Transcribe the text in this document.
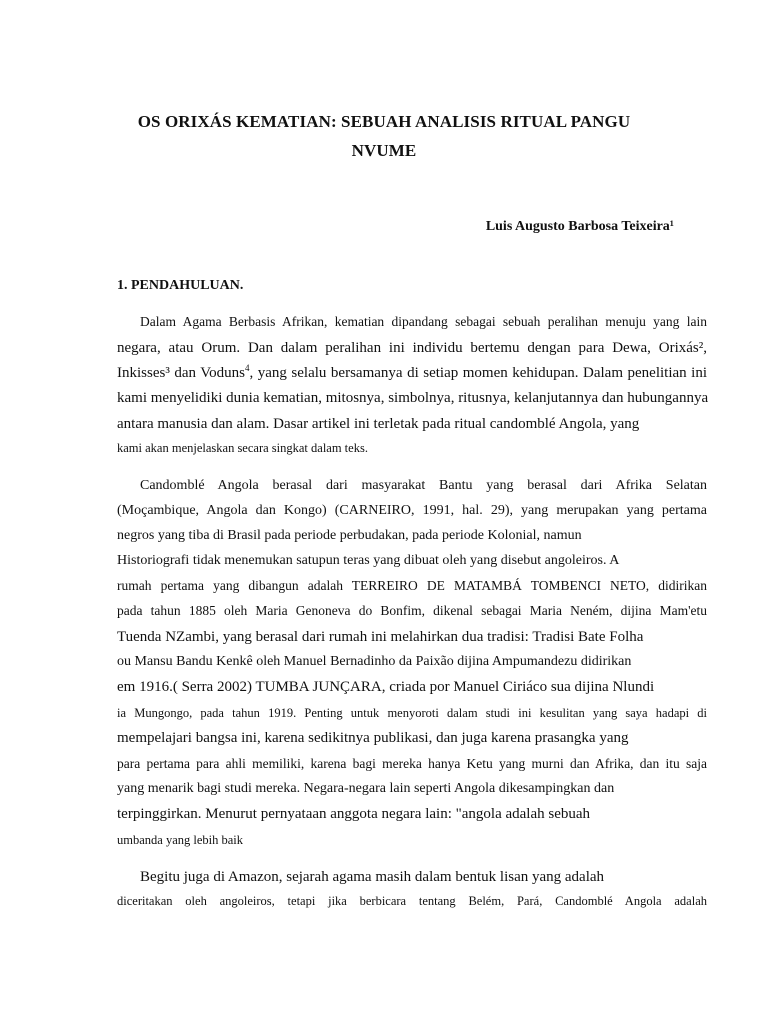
OS ORIXÁS KEMATIAN: SEBUAH ANALISIS RITUAL PANGU
NVUME
Luis Augusto Barbosa Teixeira¹
1. PENDAHULUAN.
Dalam Agama Berbasis Afrikan, kematian dipandang sebagai sebuah peralihan menuju yang lain
negara, atau Orum. Dan dalam peralihan ini individu bertemu dengan para Dewa, Orixás²,
Inkisses³ dan Voduns$^4$, yang selalu bersamanya di setiap momen kehidupan. Dalam penelitian ini
kami menyelidiki dunia kematian, mitosnya, simbolnya, ritusnya, kelanjutannya dan hubungannya
antara manusia dan alam. Dasar artikel ini terletak pada ritual candomblé Angola, yang
kami akan menjelaskan secara singkat dalam teks.
Candomblé Angola berasal dari masyarakat Bantu yang berasal dari Afrika Selatan
(Moçambique, Angola dan Kongo) (CARNEIRO, 1991, hal. 29), yang merupakan yang pertama
negros yang tiba di Brasil pada periode perbudakan, pada periode Kolonial, namun
Historiografi tidak menemukan satupun teras yang dibuat oleh yang disebut angoleiros. A
rumah pertama yang dibangun adalah TERREIRO DE MATAMBÁ TOMBENCI NETO, didirikan
pada tahun 1885 oleh Maria Genoneva do Bonfim, dikenal sebagai Maria Neném, dijina Mam'etu
Tuenda NZambi, yang berasal dari rumah ini melahirkan dua tradisi: Tradisi Bate Folha
ou Mansu Bandu Kenkê oleh Manuel Bernadinho da Paixão dijina Ampumandezu didirikan
em 1916.( Serra 2002) TUMBA JUNÇARA, criada por Manuel Ciriáco sua dijina Nlundi
ia Mungongo, pada tahun 1919. Penting untuk menyoroti dalam studi ini kesulitan yang saya hadapi di
mempelajari bangsa ini, karena sedikitnya publikasi, dan juga karena prasangka yang
para pertama para ahli memiliki, karena bagi mereka hanya Ketu yang murni dan Afrika, dan itu saja
yang menarik bagi studi mereka. Negara-negara lain seperti Angola dikesampingkan dan
terpinggirkan. Menurut pernyataan anggota negara lain: "angola adalah sebuah
umbanda yang lebih baik
Begitu juga di Amazon, sejarah agama masih dalam bentuk lisan yang adalah
diceritakan oleh angoleiros, tetapi jika berbicara tentang Belém, Pará, Candomblé Angola adalah
